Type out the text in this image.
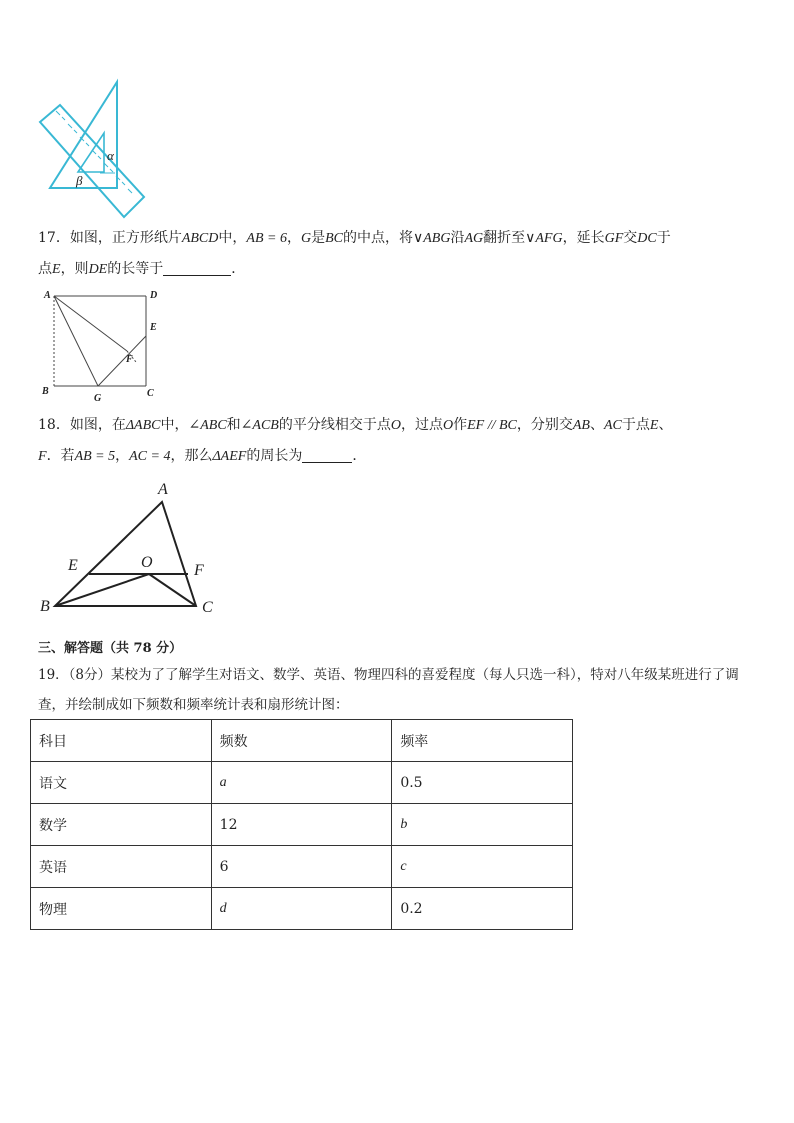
α
β

17．如图，正方形纸片ABCD中，AB = 6，G是BC的中点，将∨ABG沿AG翻折至∨AFG，延长GF交DC于
点E，则DE的长等于	．

A	D
E
F
B
G	C

18．如图，在ΔABC中，∠ABC和∠ACB的平分线相交于点O，过点O作EF // BC，分别交AB、AC于点E、
F．若AB = 5，AC = 4，那么ΔAEF的周长为	．

A
E	O	F
B	C
三、解答题（共 78 分）

19．（8分）某校为了了解学生对语文、数学、英语、物理四科的喜爱程度（每人只选一科），特对八年级某班进行了调
查，并绘制成如下频数和频率统计表和扇形统计图：

科目	频数	频率
语文	a	0.5
数学	12	b
英语	6	c
物理	d	0.2
